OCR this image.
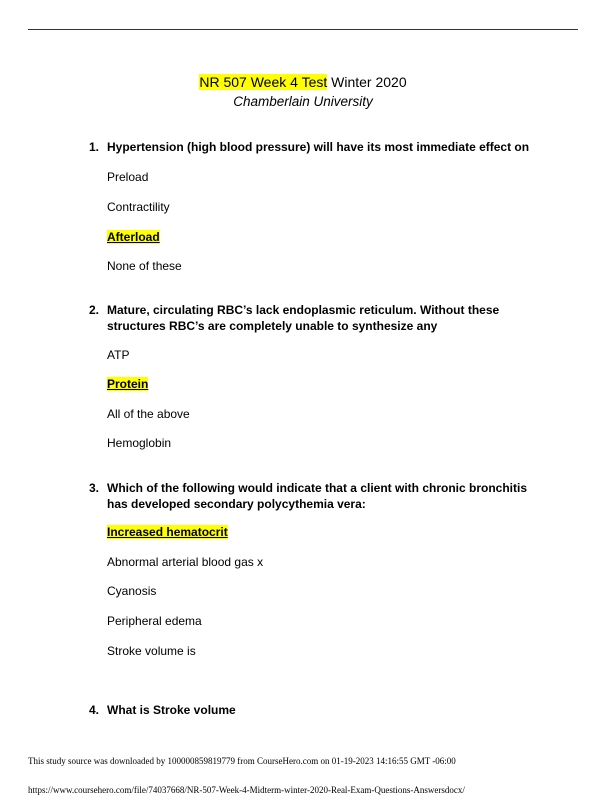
NR 507 Week 4 Test Winter 2020
Chamberlain University
1. Hypertension (high blood pressure) will have its most immediate effect on
Preload
Contractility
Afterload
None of these
2. Mature, circulating RBC’s lack endoplasmic reticulum. Without these structures RBC’s are completely unable to synthesize any
ATP
Protein
All of the above
Hemoglobin
3. Which of the following would indicate that a client with chronic bronchitis has developed secondary polycythemia vera:
Increased hematocrit
Abnormal arterial blood gas x
Cyanosis
Peripheral edema
Stroke volume is
4. What is Stroke volume
This study source was downloaded by 100000859819779 from CourseHero.com on 01-19-2023 14:16:55 GMT -06:00
https://www.coursehero.com/file/74037668/NR-507-Week-4-Midterm-winter-2020-Real-Exam-Questions-Answersdocx/
